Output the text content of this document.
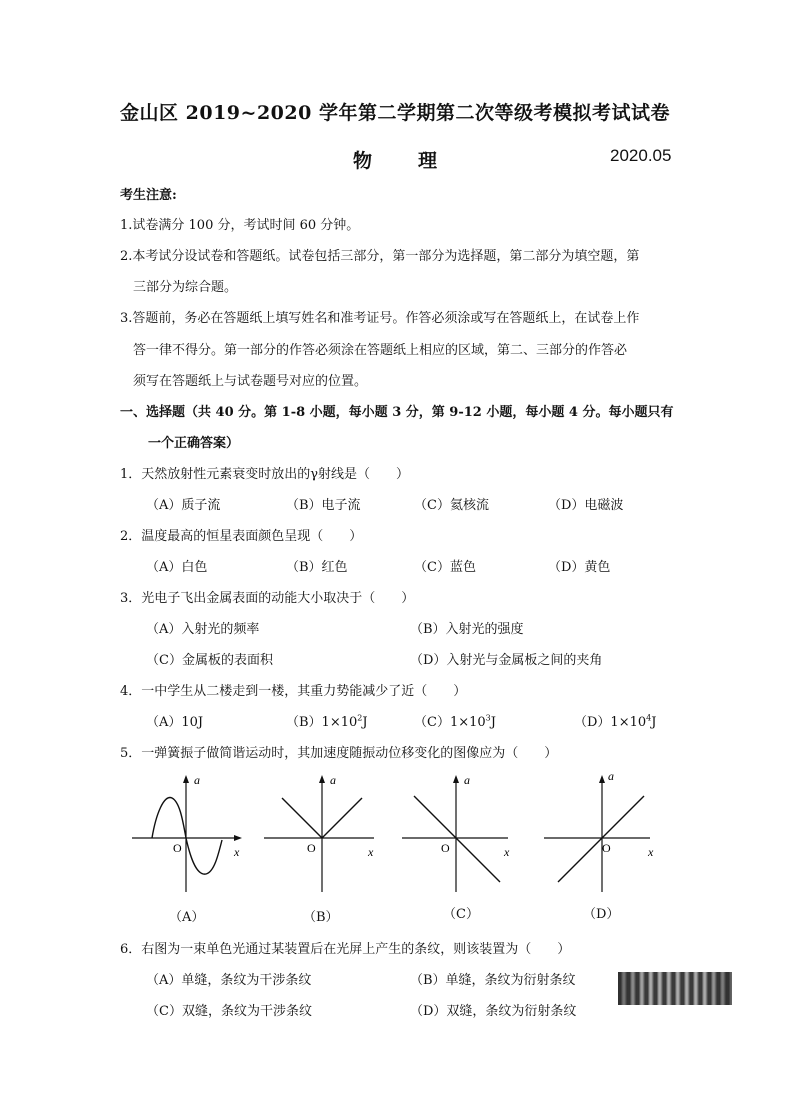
金山区 2019~2020 学年第二学期第二次等级考模拟考试试卷
物 理	2020.05
考生注意:
1.试卷满分 100 分，考试时间 60 分钟。
2.本考试分设试卷和答题纸。试卷包括三部分，第一部分为选择题，第二部分为填空题，第
三部分为综合题。
3.答题前，务必在答题纸上填写姓名和准考证号。作答必须涂或写在答题纸上，在试卷上作
答一律不得分。第一部分的作答必须涂在答题纸上相应的区域，第二、三部分的作答必
须写在答题纸上与试卷题号对应的位置。
一、选择题（共 40 分。第 1-8 小题，每小题 3 分，第 9-12 小题，每小题 4 分。每小题只有
一个正确答案）
1．天然放射性元素衰变时放出的γ射线是（　　）
（A）质子流	（B）电子流	（C）氦核流	（D）电磁波
2．温度最高的恒星表面颜色呈现（　　）
（A）白色	（B）红色	（C）蓝色	（D）黄色
3．光电子飞出金属表面的动能大小取决于（　　）
（A）入射光的频率	（B）入射光的强度
（C）金属板的表面积	（D）入射光与金属板之间的夹角
4．一中学生从二楼走到一楼，其重力势能减少了近（　　）
（A）10J	$(B)1\times 10^2J$	$(C)1\times 10^3J$	$(D)1\times 10^4J$
5．一弹簧振子做简谐运动时，其加速度随振动位移变化的图像应为（　　）
a
O	x
a
O	x
a
O	x
a
O	x
（A）	（B）	（C）	（D）
6．右图为一束单色光通过某装置后在光屏上产生的条纹，则该装置为（　　）
（A）单缝，条纹为干涉条纹	（B）单缝，条纹为衍射条纹
（C）双缝，条纹为干涉条纹	（D）双缝，条纹为衍射条纹
